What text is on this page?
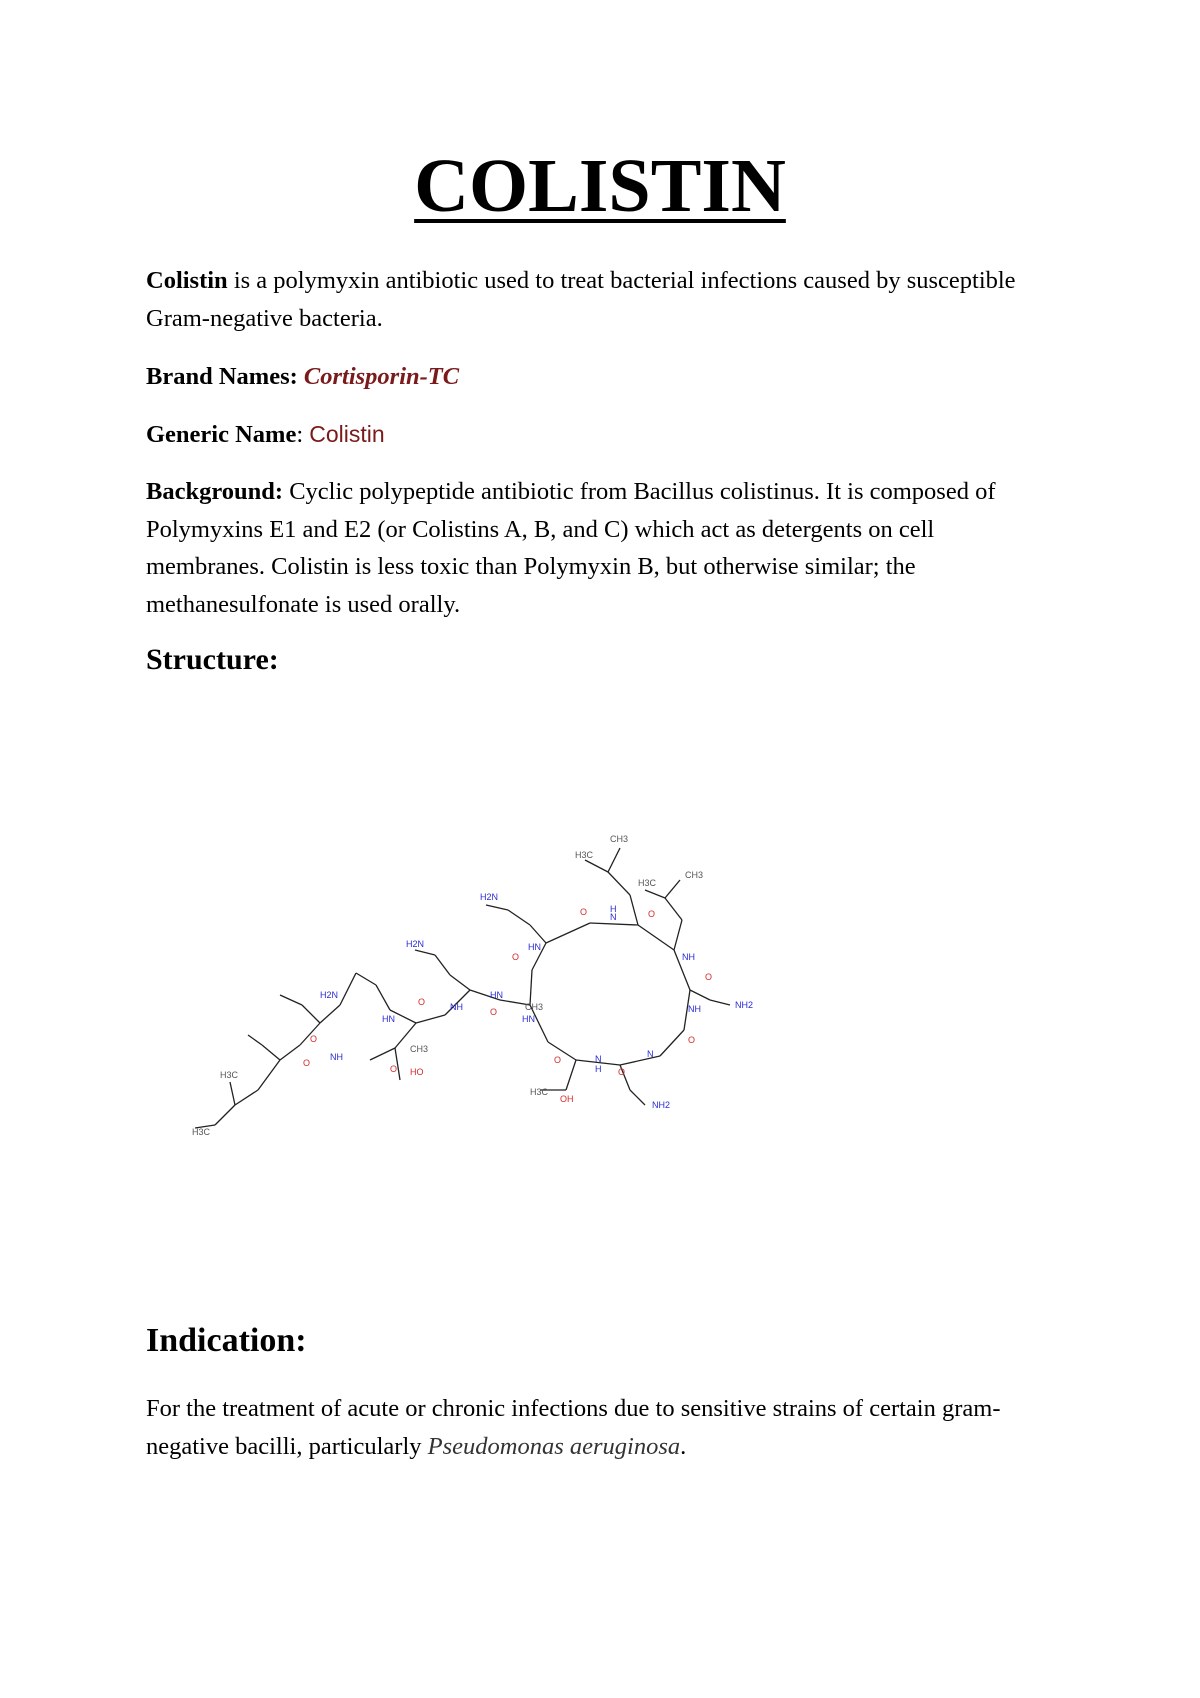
COLISTIN

Colistin is a polymyxin antibiotic used to treat bacterial infections caused by susceptible Gram-negative bacteria.

Brand Names: Cortisporin-TC

Generic Name: Colistin

Background: Cyclic polypeptide antibiotic from Bacillus colistinus. It is composed of Polymyxins E1 and E2 (or Colistins A, B, and C) which act as detergents on cell membranes. Colistin is less toxic than Polymyxin B, but otherwise similar; the methanesulfonate is used orally.

Structure:
H2N
CH3
H3C
H3C
CH3
O	N
H	O
NH
O
NH	NH2
O
N
O
N
H
NH2
O
HN
CH3
H3C
OH
HN
O
H2N
HN
O
NH
O
HN
CH3
HO
O
H2N
NH
O
O
H3C
H3C
Indication:

For the treatment of acute or chronic infections due to sensitive strains of certain gram-negative bacilli, particularly Pseudomonas aeruginosa.
